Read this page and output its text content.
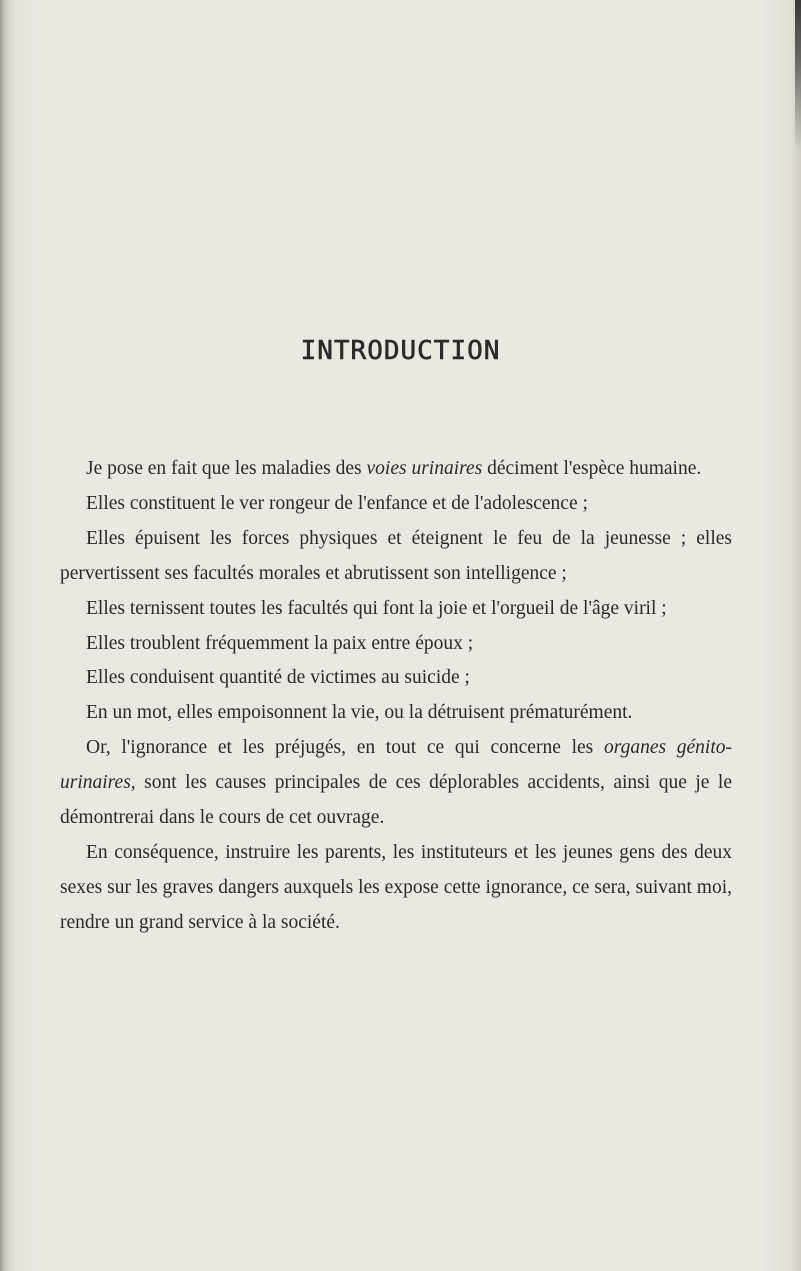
INTRODUCTION

Je pose en fait que les maladies des voies urinaires déciment l'espèce humaine.

Elles constituent le ver rongeur de l'enfance et de l'adolescence ;

Elles épuisent les forces physiques et éteignent le feu de la jeunesse ; elles pervertissent ses facultés morales et abrutissent son intelligence ;

Elles ternissent toutes les facultés qui font la joie et l'orgueil de l'âge viril ;

Elles troublent fréquemment la paix entre époux ;

Elles conduisent quantité de victimes au suicide ;

En un mot, elles empoisonnent la vie, ou la détruisent prématurément.

Or, l'ignorance et les préjugés, en tout ce qui concerne les organes génito-urinaires, sont les causes principales de ces déplorables accidents, ainsi que je le démontrerai dans le cours de cet ouvrage.

En conséquence, instruire les parents, les instituteurs et les jeunes gens des deux sexes sur les graves dangers auxquels les expose cette ignorance, ce sera, suivant moi, rendre un grand service à la société.
